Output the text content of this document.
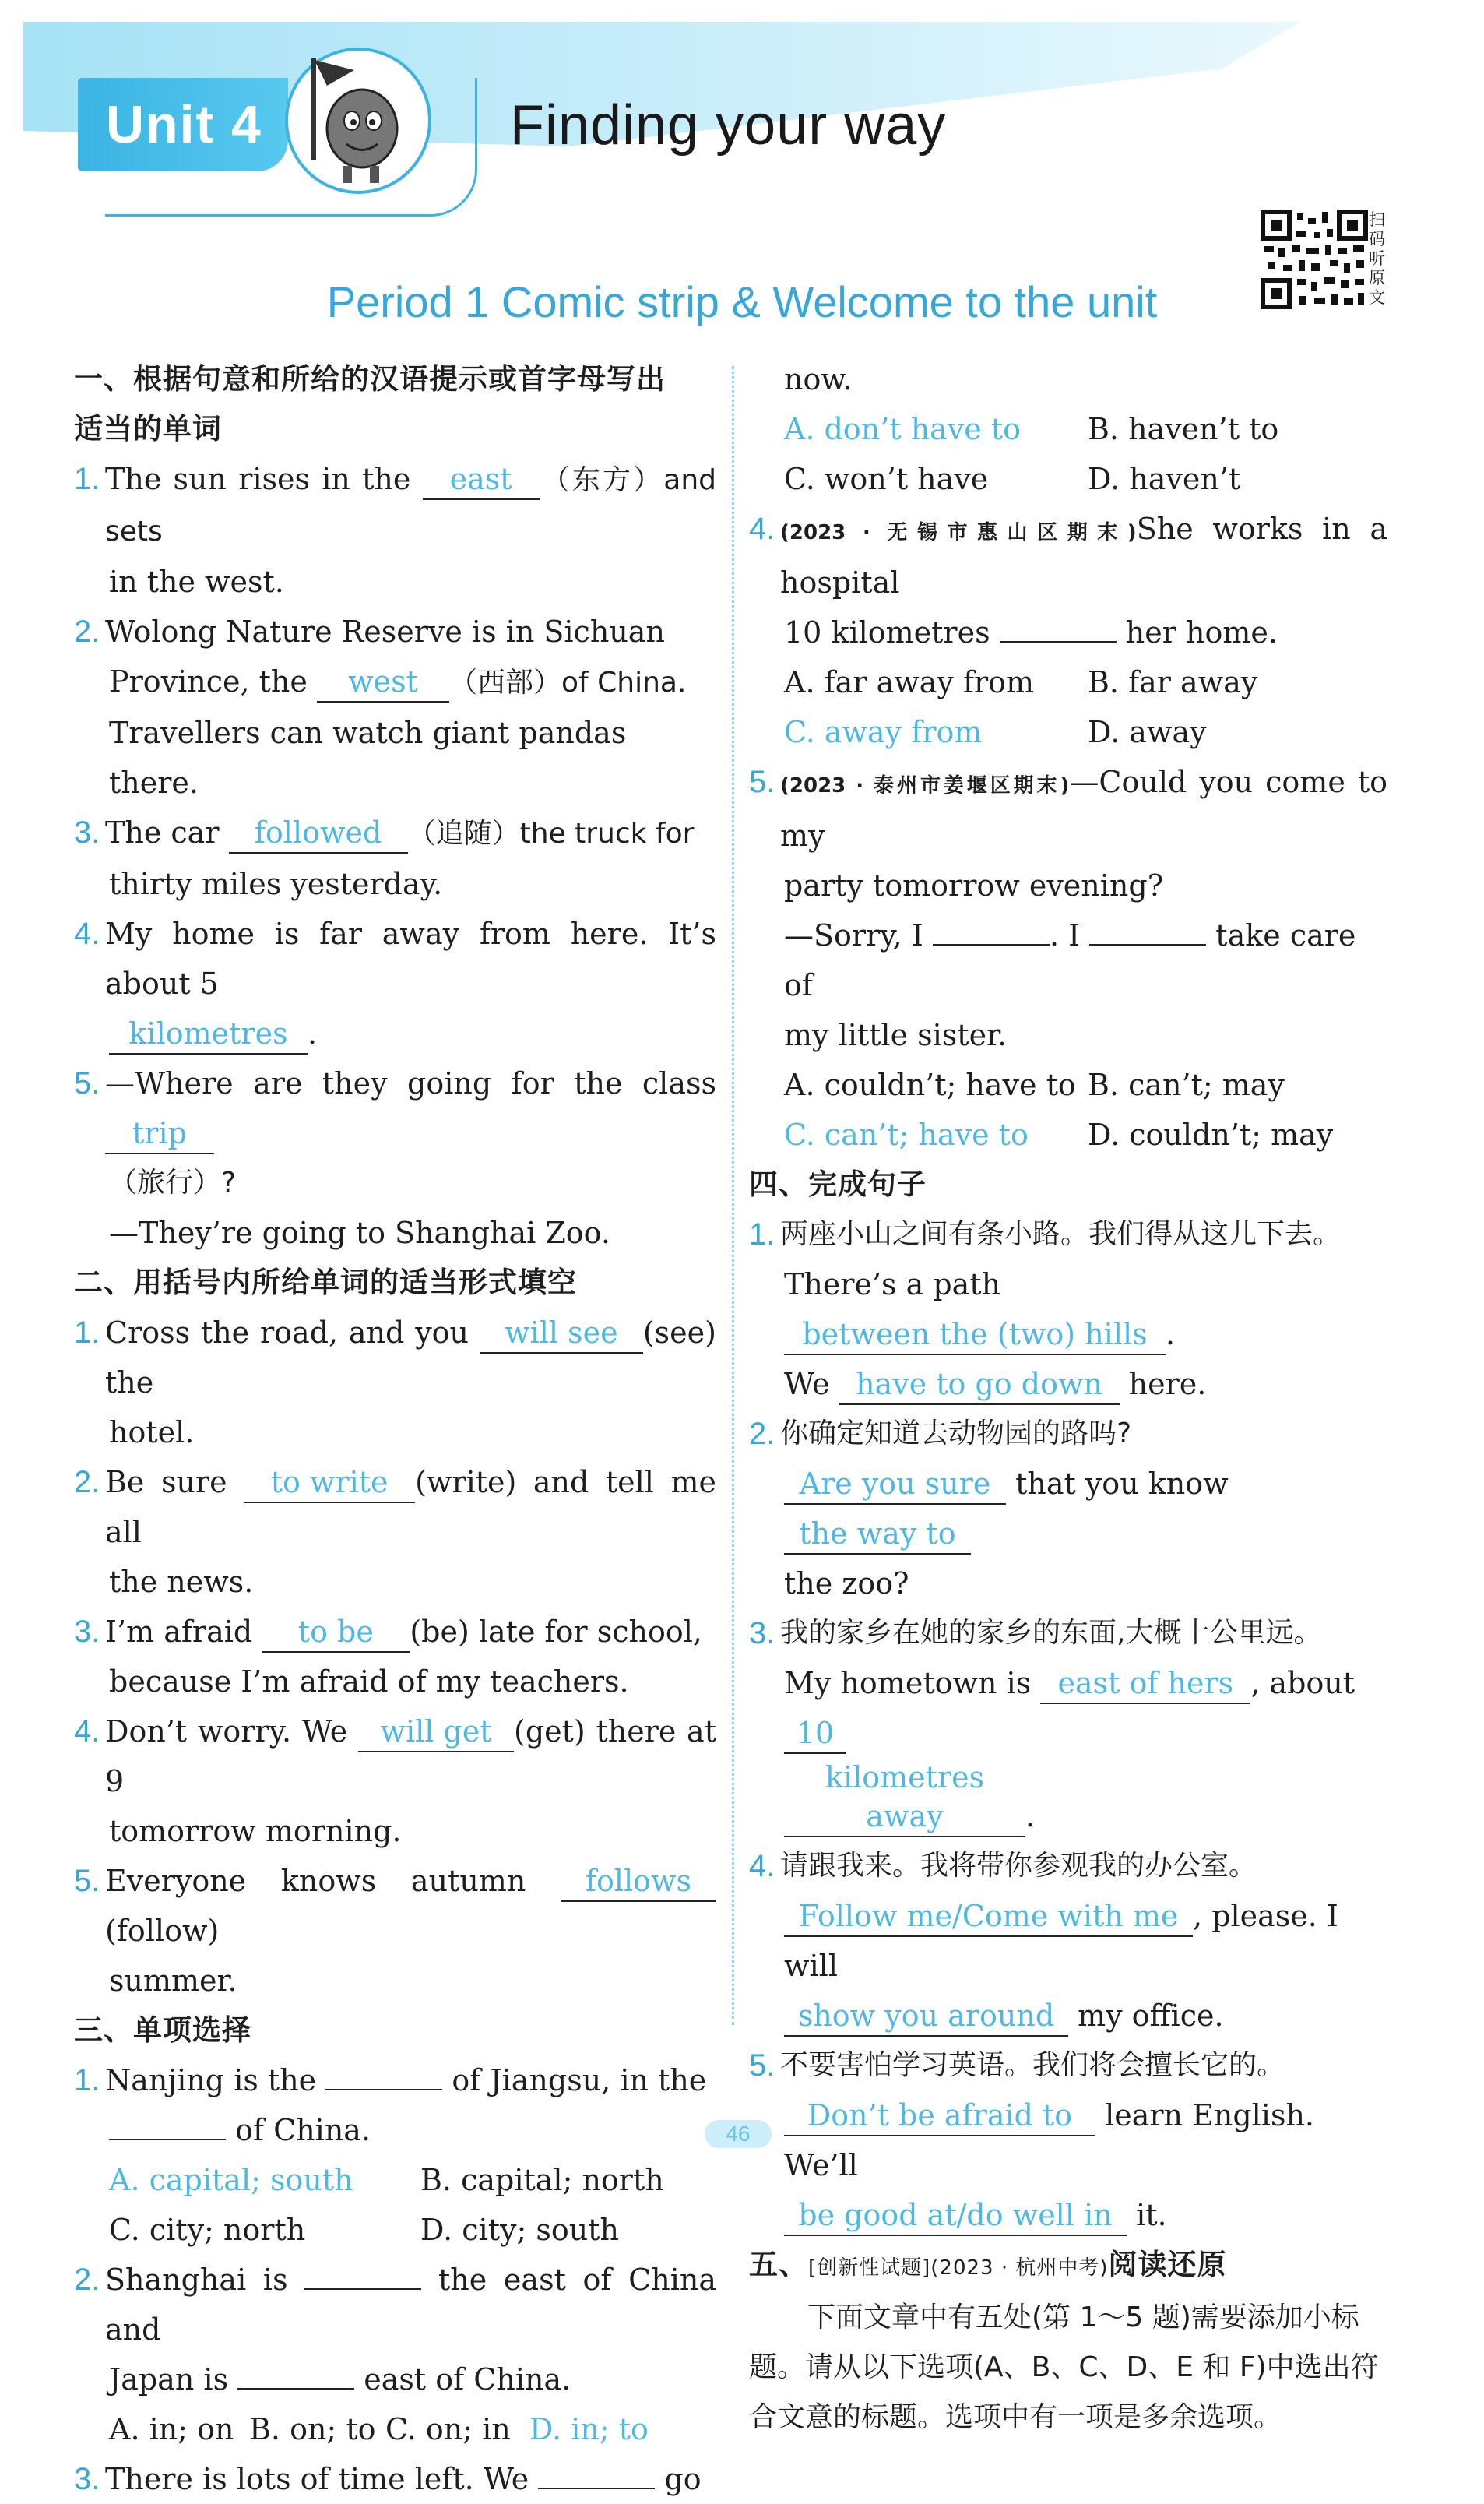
Unit 4	Finding your way
扫
码
听
原
文
Period 1 Comic strip & Welcome to the unit
一、根据句意和所给的汉语提示或首字母写出
适当的单词
1. The sun rises in the east （东方）and sets
in the west.
2. Wolong Nature Reserve is in Sichuan
Province, the west （西部）of China.
Travellers can watch giant pandas there.
3. The car followed （追随）the truck for
thirty miles yesterday.
4. My home is far away from here. It’s about 5
kilometres .
5. —Where are they going for the class trip
（旅行）?
—They’re going to Shanghai Zoo.
二、用括号内所给单词的适当形式填空
1. Cross the road, and you will see (see) the
hotel.
2. Be sure to write (write) and tell me all
the news.
3. I’m afraid to be (be) late for school,
because I’m afraid of my teachers.
4. Don’t worry. We will get (get) there at 9
tomorrow morning.
5. Everyone knows autumn follows(follow)
summer.
三、单项选择
1. Nanjing is the	of Jiangsu, in the
of China.
A. capital; south	B. capital; north
C. city; north	D. city; south
2. Shanghai is	the east of China and
Japan is	east of China.
A. in; on B. on; to C. on; in D. in; to
3. There is lots of time left. We	go
now.
A. don’t have to	B. haven’t to
C. won’t have	D. haven’t
4. (2023 · 无锡市惠山区期末)She works in a hospital
10 kilometres	her home.
A. far away from	B. far away
C. away from	D. away
5. (2023 · 泰州市姜堰区期末)—Could you come to my
party tomorrow evening?
—Sorry, I	. I	take care of
my little sister.
A. couldn’t; have to B. can’t; may
C. can’t; have to	D. couldn’t; may
四、完成句子
1. 两座小山之间有条小路。我们得从这儿下去。
There’s a path between the (two) hills .
We have to go down here.
2. 你确定知道去动物园的路吗?
Are you sure that you know the way to
the zoo?
3. 我的家乡在她的家乡的东面,大概十公里远。
My hometown is east of hers , about 10
kilometres away	.
4. 请跟我来。我将带你参观我的办公室。
Follow me/Come with me , please. I will
show you around my office.
5. 不要害怕学习英语。我们将会擅长它的。
Don’t be afraid to learn English. We’ll
be good at/do well in it.
五、[创新性试题](2023 · 杭州中考)阅读还原
下面文章中有五处(第 1～5 题)需要添加小标题。请从以下选项(A、B、C、D、E 和 F)中选出符合文意的标题。选项中有一项是多余选项。
46
